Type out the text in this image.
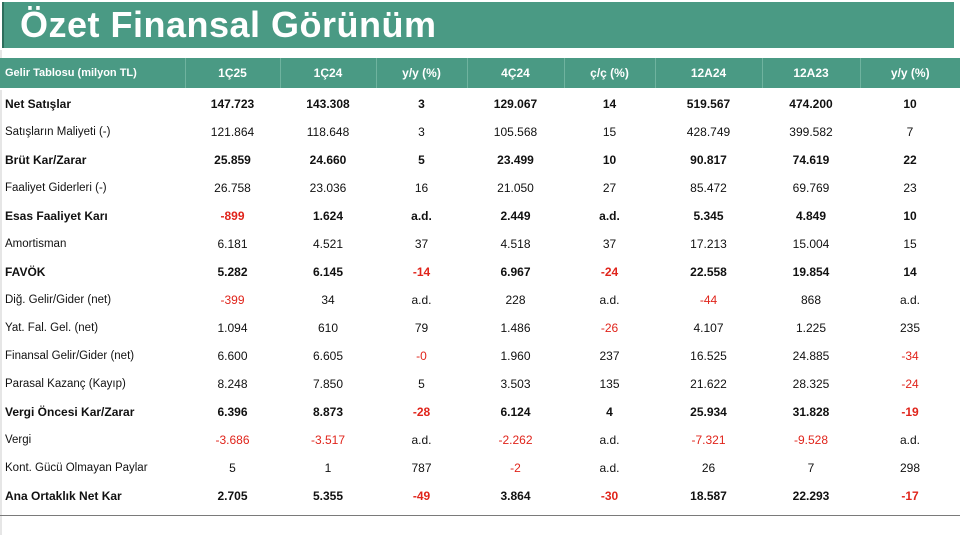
Özet Finansal Görünüm
Gelir Tablosu (milyon TL)	1Ç25	1Ç24	y/y (%)	4Ç24	ç/ç (%)	12A24	12A23	y/y (%)
Net Satışlar	147.723	143.308	3	129.067	14	519.567	474.200	10
Satışların Maliyeti (-)	121.864	118.648	3	105.568	15	428.749	399.582	7
Brüt Kar/Zarar	25.859	24.660	5	23.499	10	90.817	74.619	22
Faaliyet Giderleri (-)	26.758	23.036	16	21.050	27	85.472	69.769	23
Esas Faaliyet Karı	-899	1.624	a.d.	2.449	a.d.	5.345	4.849	10
Amortisman	6.181	4.521	37	4.518	37	17.213	15.004	15
FAVÖK	5.282	6.145	-14	6.967	-24	22.558	19.854	14
Diğ. Gelir/Gider (net)	-399	34	a.d.	228	a.d.	-44	868	a.d.
Yat. Fal. Gel. (net)	1.094	610	79	1.486	-26	4.107	1.225	235
Finansal Gelir/Gider (net)	6.600	6.605	-0	1.960	237	16.525	24.885	-34
Parasal Kazanç (Kayıp)	8.248	7.850	5	3.503	135	21.622	28.325	-24
Vergi Öncesi Kar/Zarar	6.396	8.873	-28	6.124	4	25.934	31.828	-19
Vergi	-3.686	-3.517	a.d.	-2.262	a.d.	-7.321	-9.528	a.d.
Kont. Gücü Olmayan Paylar	5	1	787	-2	a.d.	26	7	298
Ana Ortaklık Net Kar	2.705	5.355	-49	3.864	-30	18.587	22.293	-17
